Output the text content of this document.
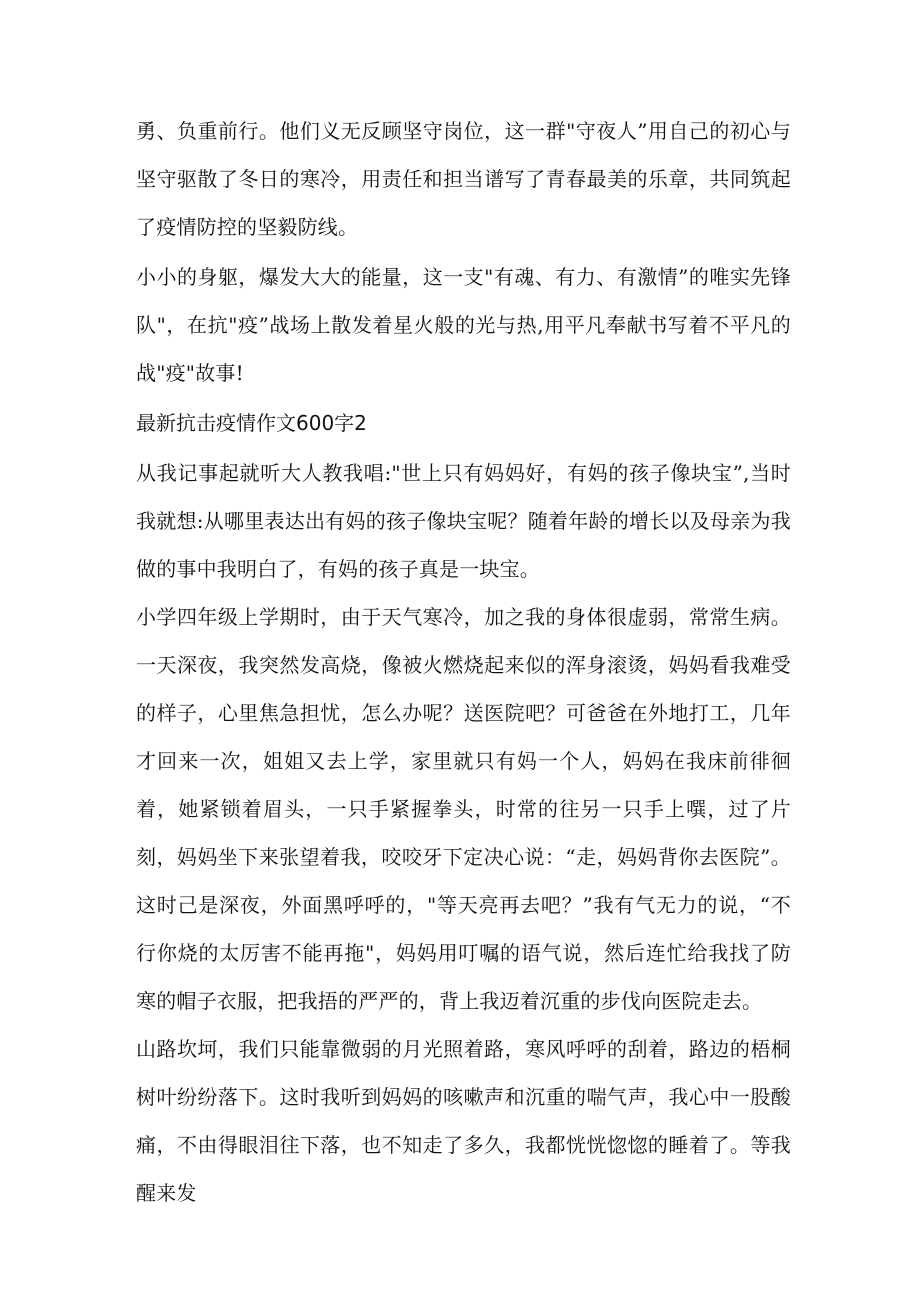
勇、负重前行。他们义无反顾坚守岗位，这一群"守夜人”用自己的初心与坚守驱散了冬日的寒冷，用责任和担当谱写了青春最美的乐章，共同筑起了疫情防控的坚毅防线。

小小的身躯，爆发大大的能量，这一支"有魂、有力、有激情”的唯实先锋队"，在抗"疫”战场上散发着星火般的光与热,用平凡奉献书写着不平凡的战"疫"故事!

最新抗击疫情作文600字2

从我记事起就听大人教我唱:"世上只有妈妈好，有妈的孩子像块宝”,当时我就想:从哪里表达出有妈的孩子像块宝呢？随着年龄的增长以及母亲为我做的事中我明白了，有妈的孩子真是一块宝。

小学四年级上学期时，由于天气寒冷，加之我的身体很虚弱，常常生病。一天深夜，我突然发高烧，像被火燃烧起来似的浑身滚烫，妈妈看我难受的样子，心里焦急担忧，怎么办呢？送医院吧？可爸爸在外地打工，几年才回来一次，姐姐又去上学，家里就只有妈一个人，妈妈在我床前徘徊着，她紧锁着眉头，一只手紧握拳头，时常的往另一只手上噀，过了片刻，妈妈坐下来张望着我，咬咬牙下定决心说：“走，妈妈背你去医院”。这时己是深夜，外面黑呼呼的，"等天亮再去吧？”我有气无力的说，“不行你烧的太厉害不能再拖"，妈妈用叮嘱的语气说，然后连忙给我找了防寒的帽子衣服，把我捂的严严的，背上我迈着沉重的步伐向医院走去。

山路坎坷，我们只能靠微弱的月光照着路，寒风呼呼的刮着，路边的梧桐树叶纷纷落下。这时我听到妈妈的咳嗽声和沉重的喘气声，我心中一股酸痛，不由得眼泪往下落，也不知走了多久，我都恍恍惚惚的睡着了。等我醒来发
